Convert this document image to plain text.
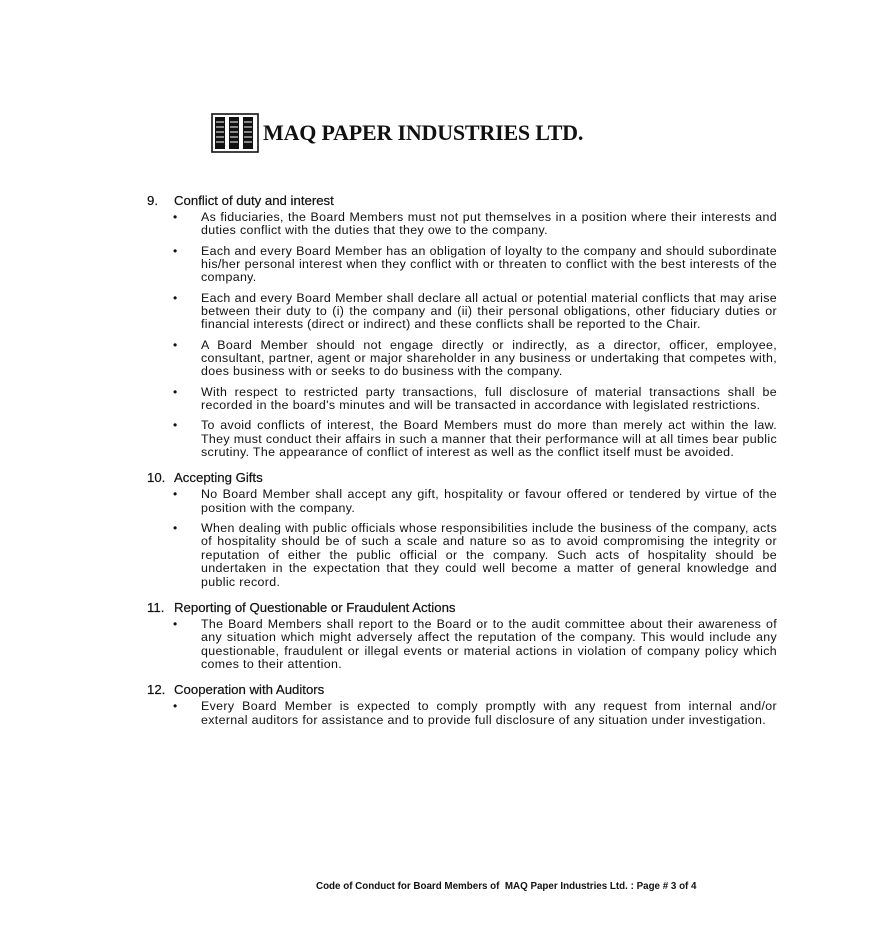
MAQ PAPER INDUSTRIES LTD.
9. Conflict of duty and interest
• As fiduciaries, the Board Members must not put themselves in a position where their interests and duties conflict with the duties that they owe to the company.
• Each and every Board Member has an obligation of loyalty to the company and should subordinate his/her personal interest when they conflict with or threaten to conflict with the best interests of the company.
• Each and every Board Member shall declare all actual or potential material conflicts that may arise between their duty to (i) the company and (ii) their personal obligations, other fiduciary duties or financial interests (direct or indirect) and these conflicts shall be reported to the Chair.
• A Board Member should not engage directly or indirectly, as a director, officer, employee, consultant, partner, agent or major shareholder in any business or undertaking that competes with, does business with or seeks to do business with the company.
• With respect to restricted party transactions, full disclosure of material transactions shall be recorded in the board's minutes and will be transacted in accordance with legislated restrictions.
• To avoid conflicts of interest, the Board Members must do more than merely act within the law. They must conduct their affairs in such a manner that their performance will at all times bear public scrutiny. The appearance of conflict of interest as well as the conflict itself must be avoided.
10. Accepting Gifts
• No Board Member shall accept any gift, hospitality or favour offered or tendered by virtue of the position with the company.
• When dealing with public officials whose responsibilities include the business of the company, acts of hospitality should be of such a scale and nature so as to avoid compromising the integrity or reputation of either the public official or the company. Such acts of hospitality should be undertaken in the expectation that they could well become a matter of general knowledge and public record.
11. Reporting of Questionable or Fraudulent Actions
• The Board Members shall report to the Board or to the audit committee about their awareness of any situation which might adversely affect the reputation of the company. This would include any questionable, fraudulent or illegal events or material actions in violation of company policy which comes to their attention.
12. Cooperation with Auditors
• Every Board Member is expected to comply promptly with any request from internal and/or external auditors for assistance and to provide full disclosure of any situation under investigation.
Code of Conduct for Board Members of  MAQ Paper Industries Ltd. : Page # 3 of 4
